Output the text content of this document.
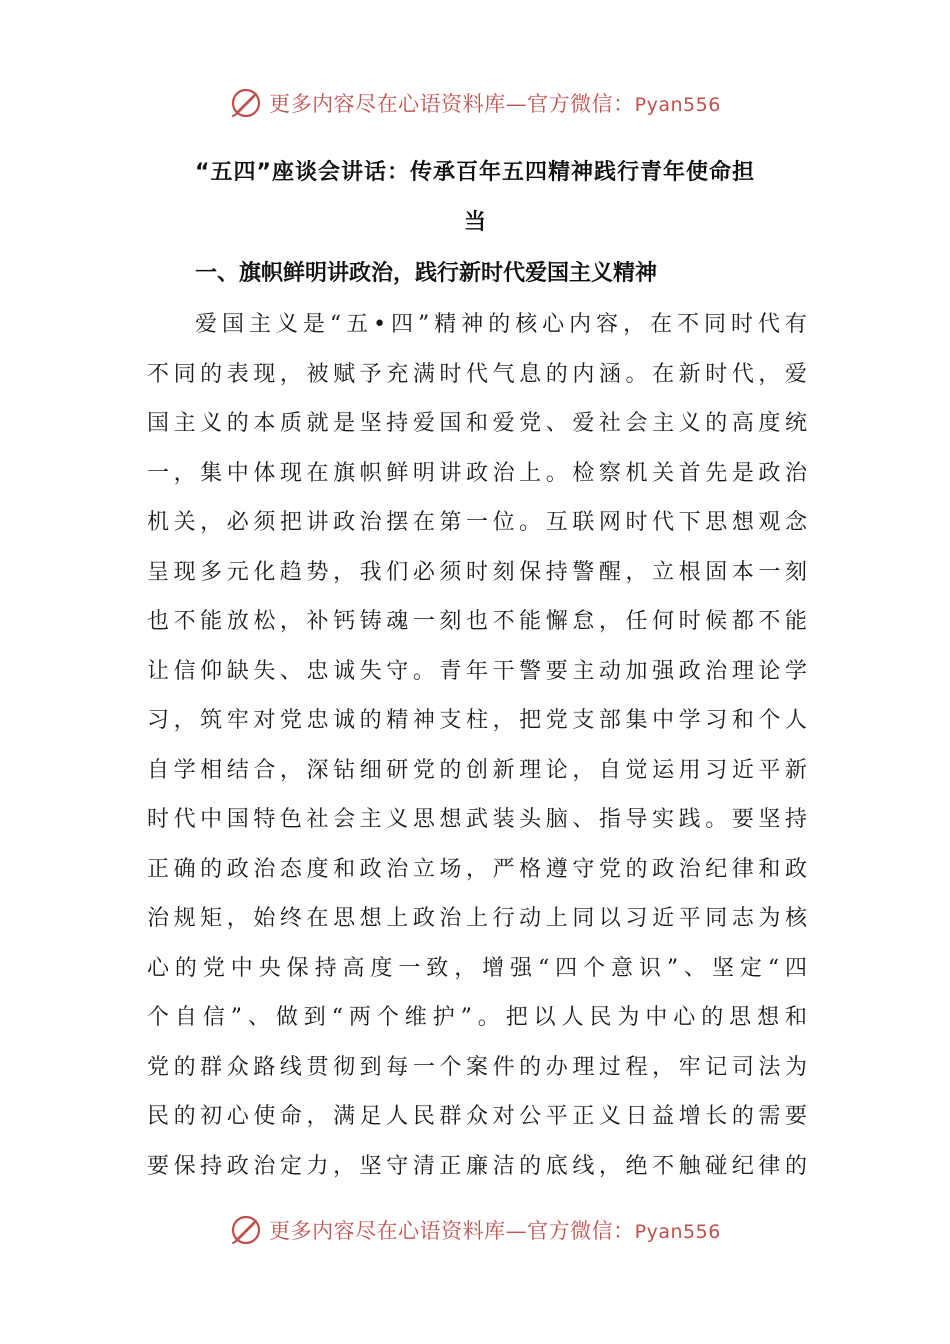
更多内容尽在心语资料库—官方微信：Pyan556
“五四”座谈会讲话：传承百年五四精神践行青年使命担
当
一、旗帜鲜明讲政治，践行新时代爱国主义精神
爱国主义是“五•四”精神的核心内容，在不同时代有
不同的表现，被赋予充满时代气息的内涵。在新时代，爱
国主义的本质就是坚持爱国和爱党、爱社会主义的高度统
一，集中体现在旗帜鲜明讲政治上。检察机关首先是政治
机关，必须把讲政治摆在第一位。互联网时代下思想观念
呈现多元化趋势，我们必须时刻保持警醒，立根固本一刻
也不能放松，补钙铸魂一刻也不能懈怠，任何时候都不能
让信仰缺失、忠诚失守。青年干警要主动加强政治理论学
习，筑牢对党忠诚的精神支柱，把党支部集中学习和个人
自学相结合，深钻细研党的创新理论，自觉运用习近平新
时代中国特色社会主义思想武装头脑、指导实践。要坚持
正确的政治态度和政治立场，严格遵守党的政治纪律和政
治规矩，始终在思想上政治上行动上同以习近平同志为核
心的党中央保持高度一致，增强“四个意识”、坚定“四
个自信”、做到“两个维护”。把以人民为中心的思想和
党的群众路线贯彻到每一个案件的办理过程，牢记司法为
民的初心使命，满足人民群众对公平正义日益增长的需要
要保持政治定力，坚守清正廉洁的底线，绝不触碰纪律的
更多内容尽在心语资料库—官方微信：Pyan556
